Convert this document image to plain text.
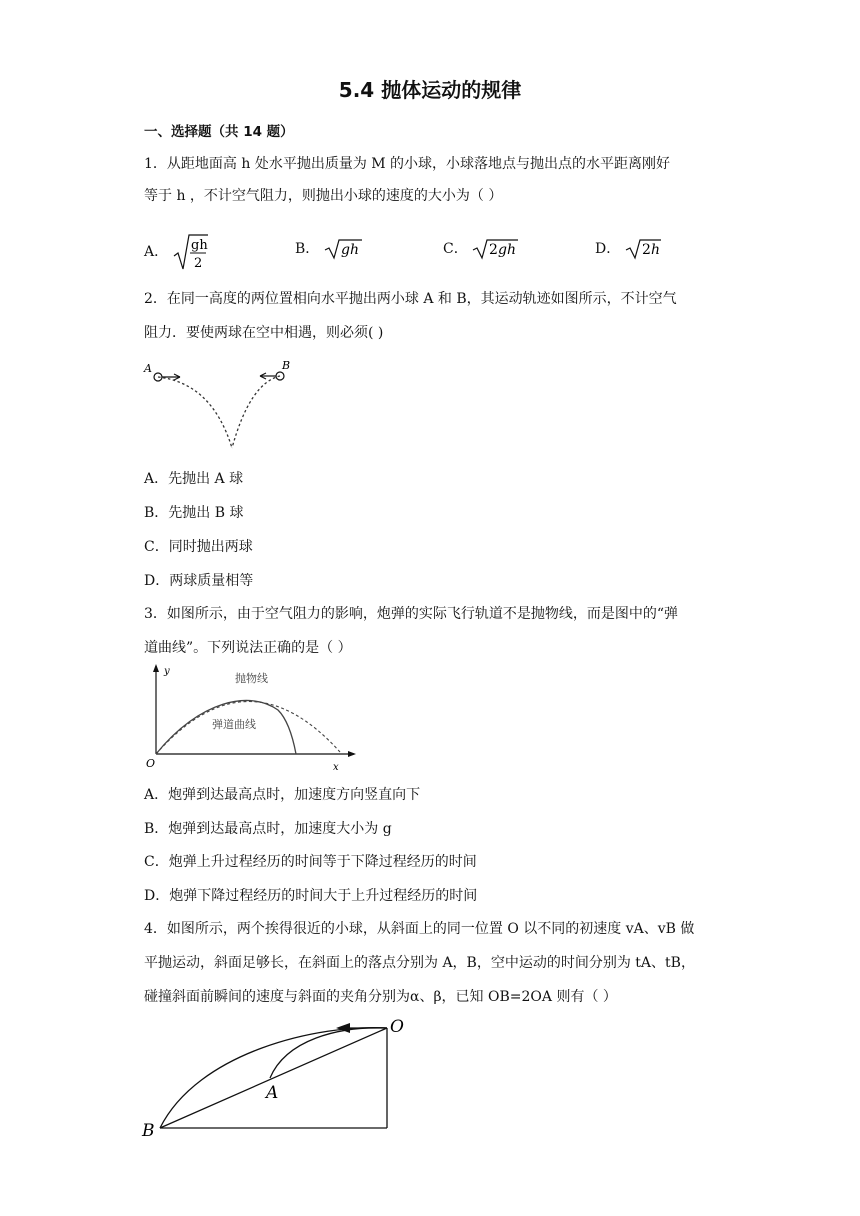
5.4 抛体运动的规律
一、选择题（共 14 题）
1．从距地面高 h 处水平抛出质量为 M 的小球，小球落地点与抛出点的水平距离刚好
等于 h ，不计空气阻力，则抛出小球的速度的大小为（ ）
A． gh
2
B． gh	C． 2 gh	D． 2 h
2．在同一高度的两位置相向水平抛出两小球 A 和 B，其运动轨迹如图所示，不计空气
阻力．要使两球在空中相遇，则必须( )
A	B
A．先抛出 A 球
B．先抛出 B 球
C．同时抛出两球
D．两球质量相等
3．如图所示，由于空气阻力的影响，炮弹的实际飞行轨道不是抛物线，而是图中的“弹
道曲线”。下列说法正确的是（ ）
y
x
O
抛物线
弹道曲线
A．炮弹到达最高点时，加速度方向竖直向下
B．炮弹到达最高点时，加速度大小为 g
C．炮弹上升过程经历的时间等于下降过程经历的时间
D．炮弹下降过程经历的时间大于上升过程经历的时间
4．如图所示，两个挨得很近的小球，从斜面上的同一位置 O 以不同的初速度 vA、vB 做
平抛运动，斜面足够长，在斜面上的落点分别为 A，B，空中运动的时间分别为 tA、tB，
碰撞斜面前瞬间的速度与斜面的夹角分别为α、β，已知 OB=2OA 则有（ ）
O
A
B
